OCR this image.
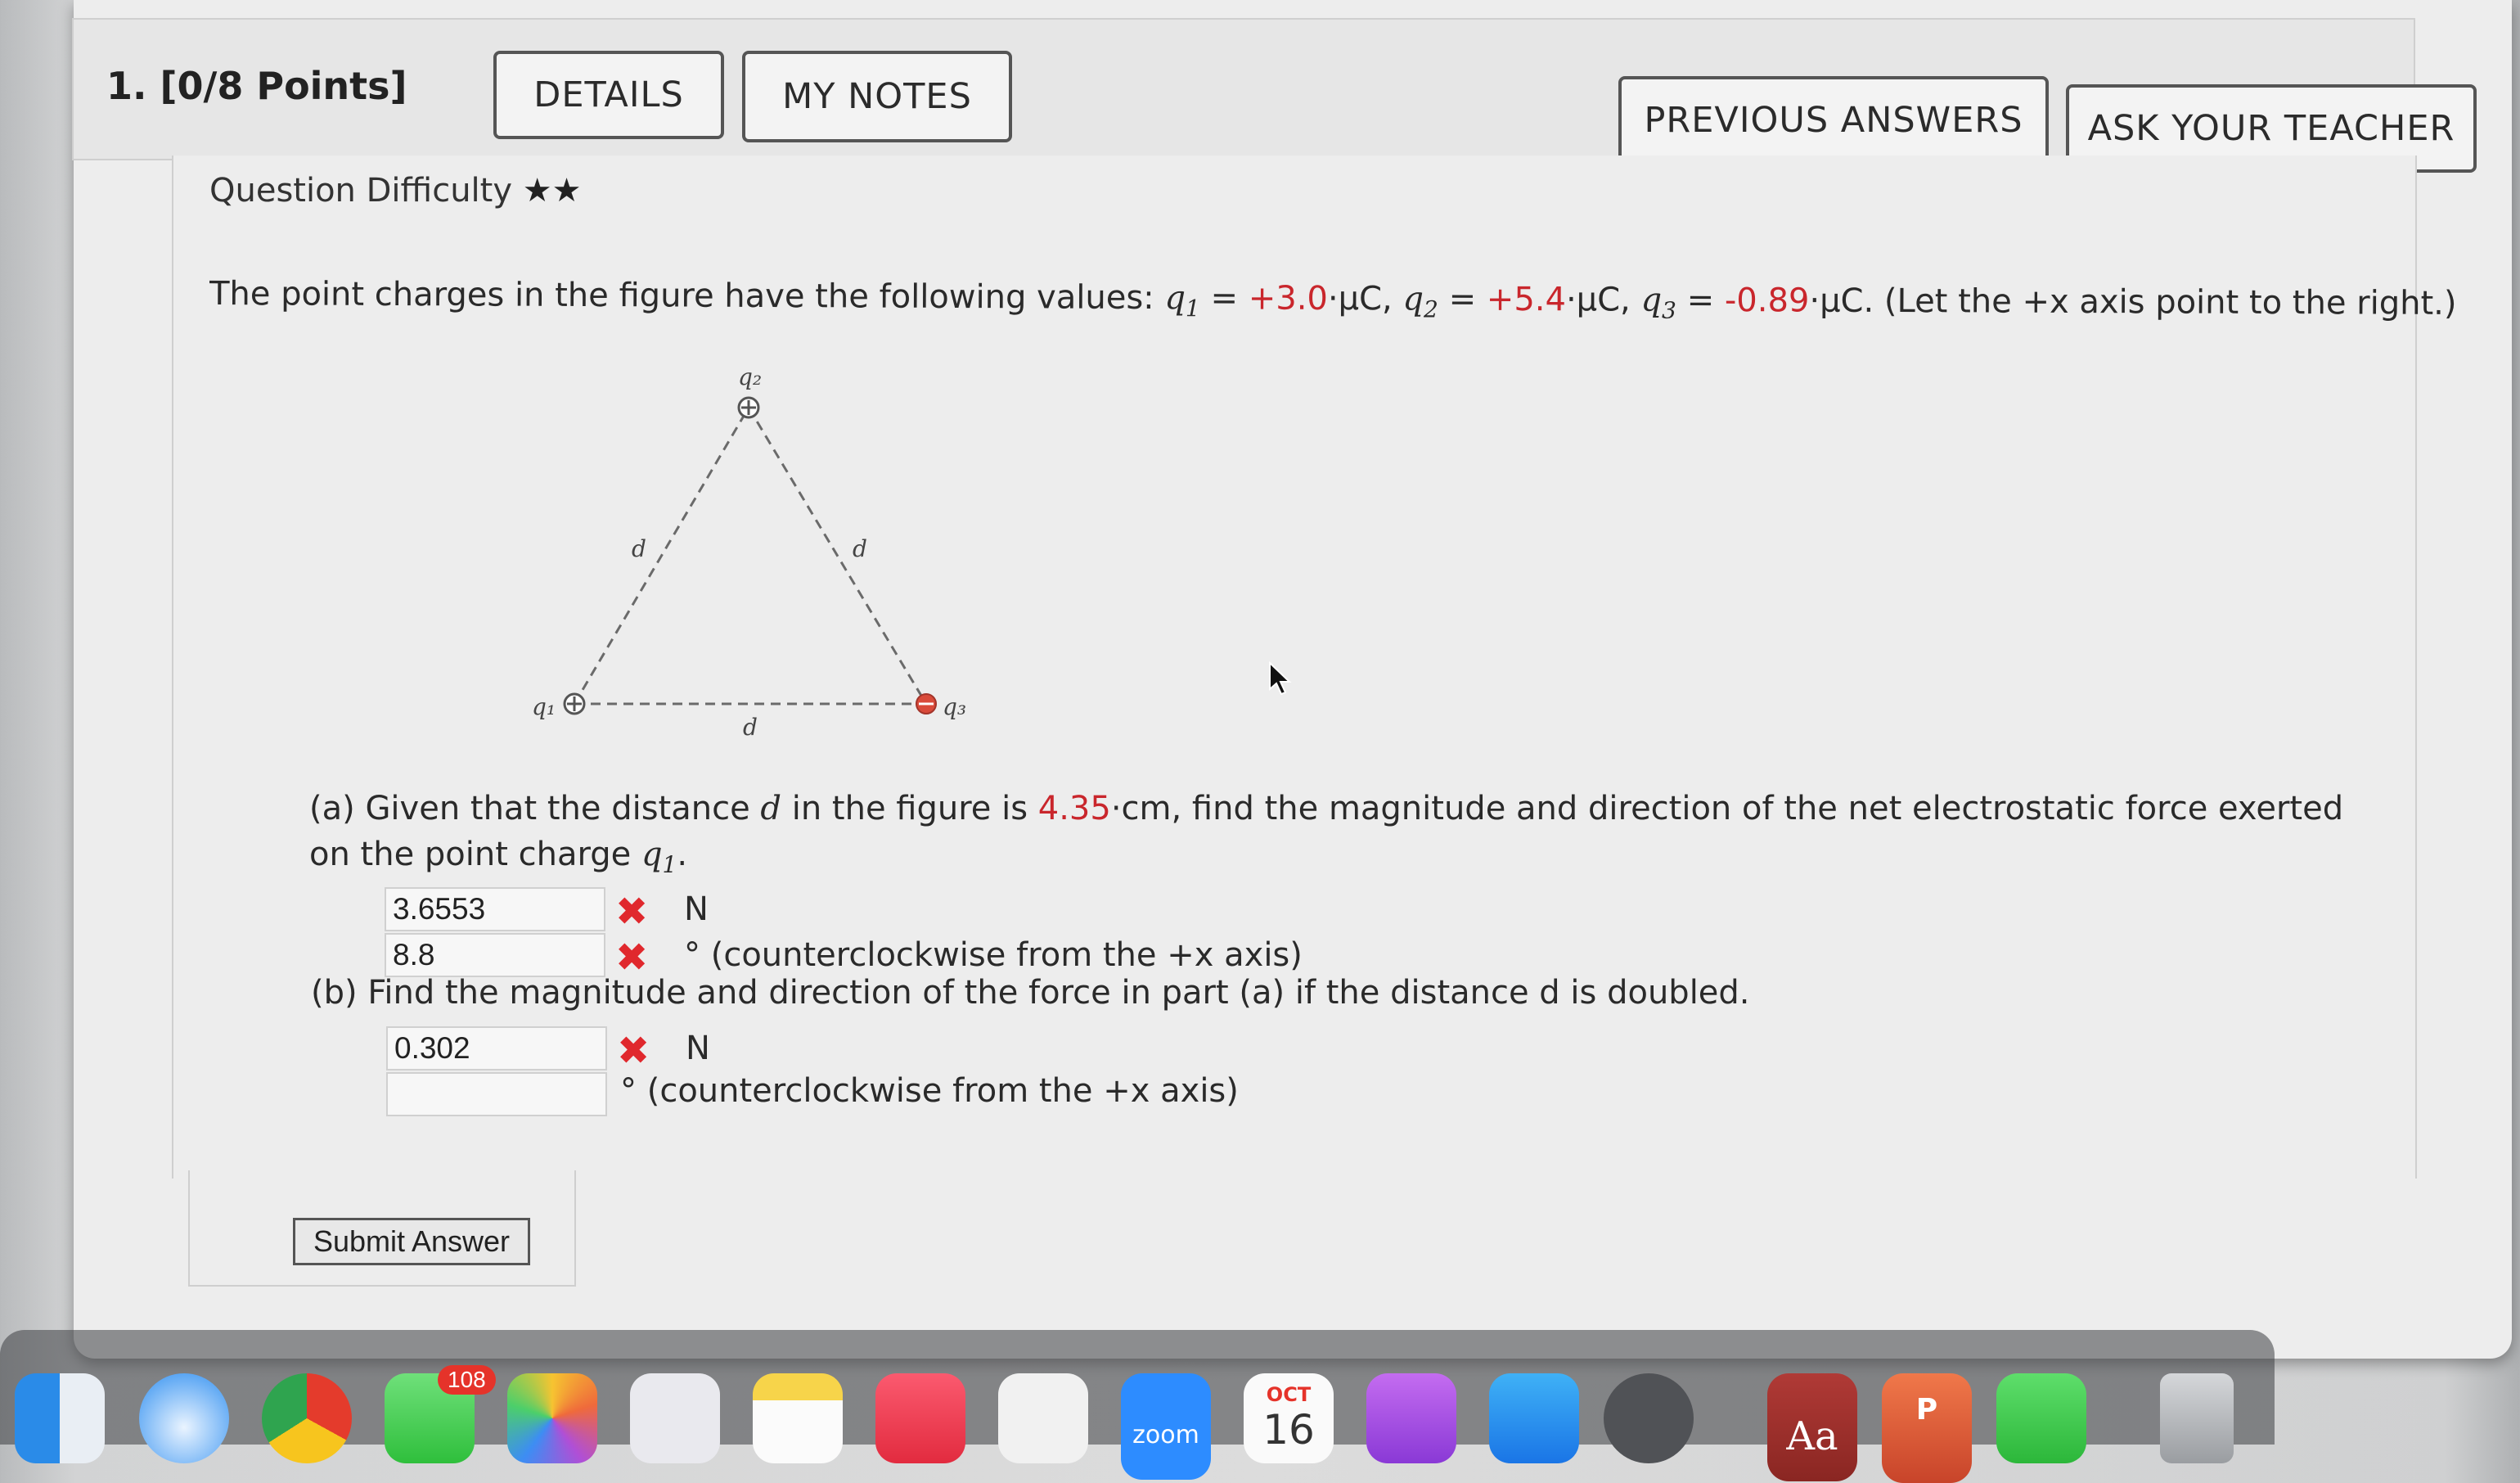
1. [0/8 Points]	DETAILS	MY NOTES
PREVIOUS ANSWERS	ASK YOUR TEACHER
Question Difficulty ★★
The point charges in the figure have the following values: $q_1 = +3.0\cdot\mu C$, $q_2 = +5.4\cdot\mu C$, $q_3 = -0.89\cdot\mu C$. (Let the +x axis point to the right.)
q₂
q₁	q₃
d	d
d
(a) Given that the distance d in the figure is 4.35·cm, find the magnitude and direction of the net electrostatic force exerted on the point charge $q_1$.
3.6553	✖ N
8.8	✖ ° (counterclockwise from the +x axis)
(b) Find the magnitude and direction of the force in part (a) if the distance d is doubled.
0.302	✖ N
° (counterclockwise from the +x axis)
Submit Answer
108
zoom
OCT
16	Aa
P
